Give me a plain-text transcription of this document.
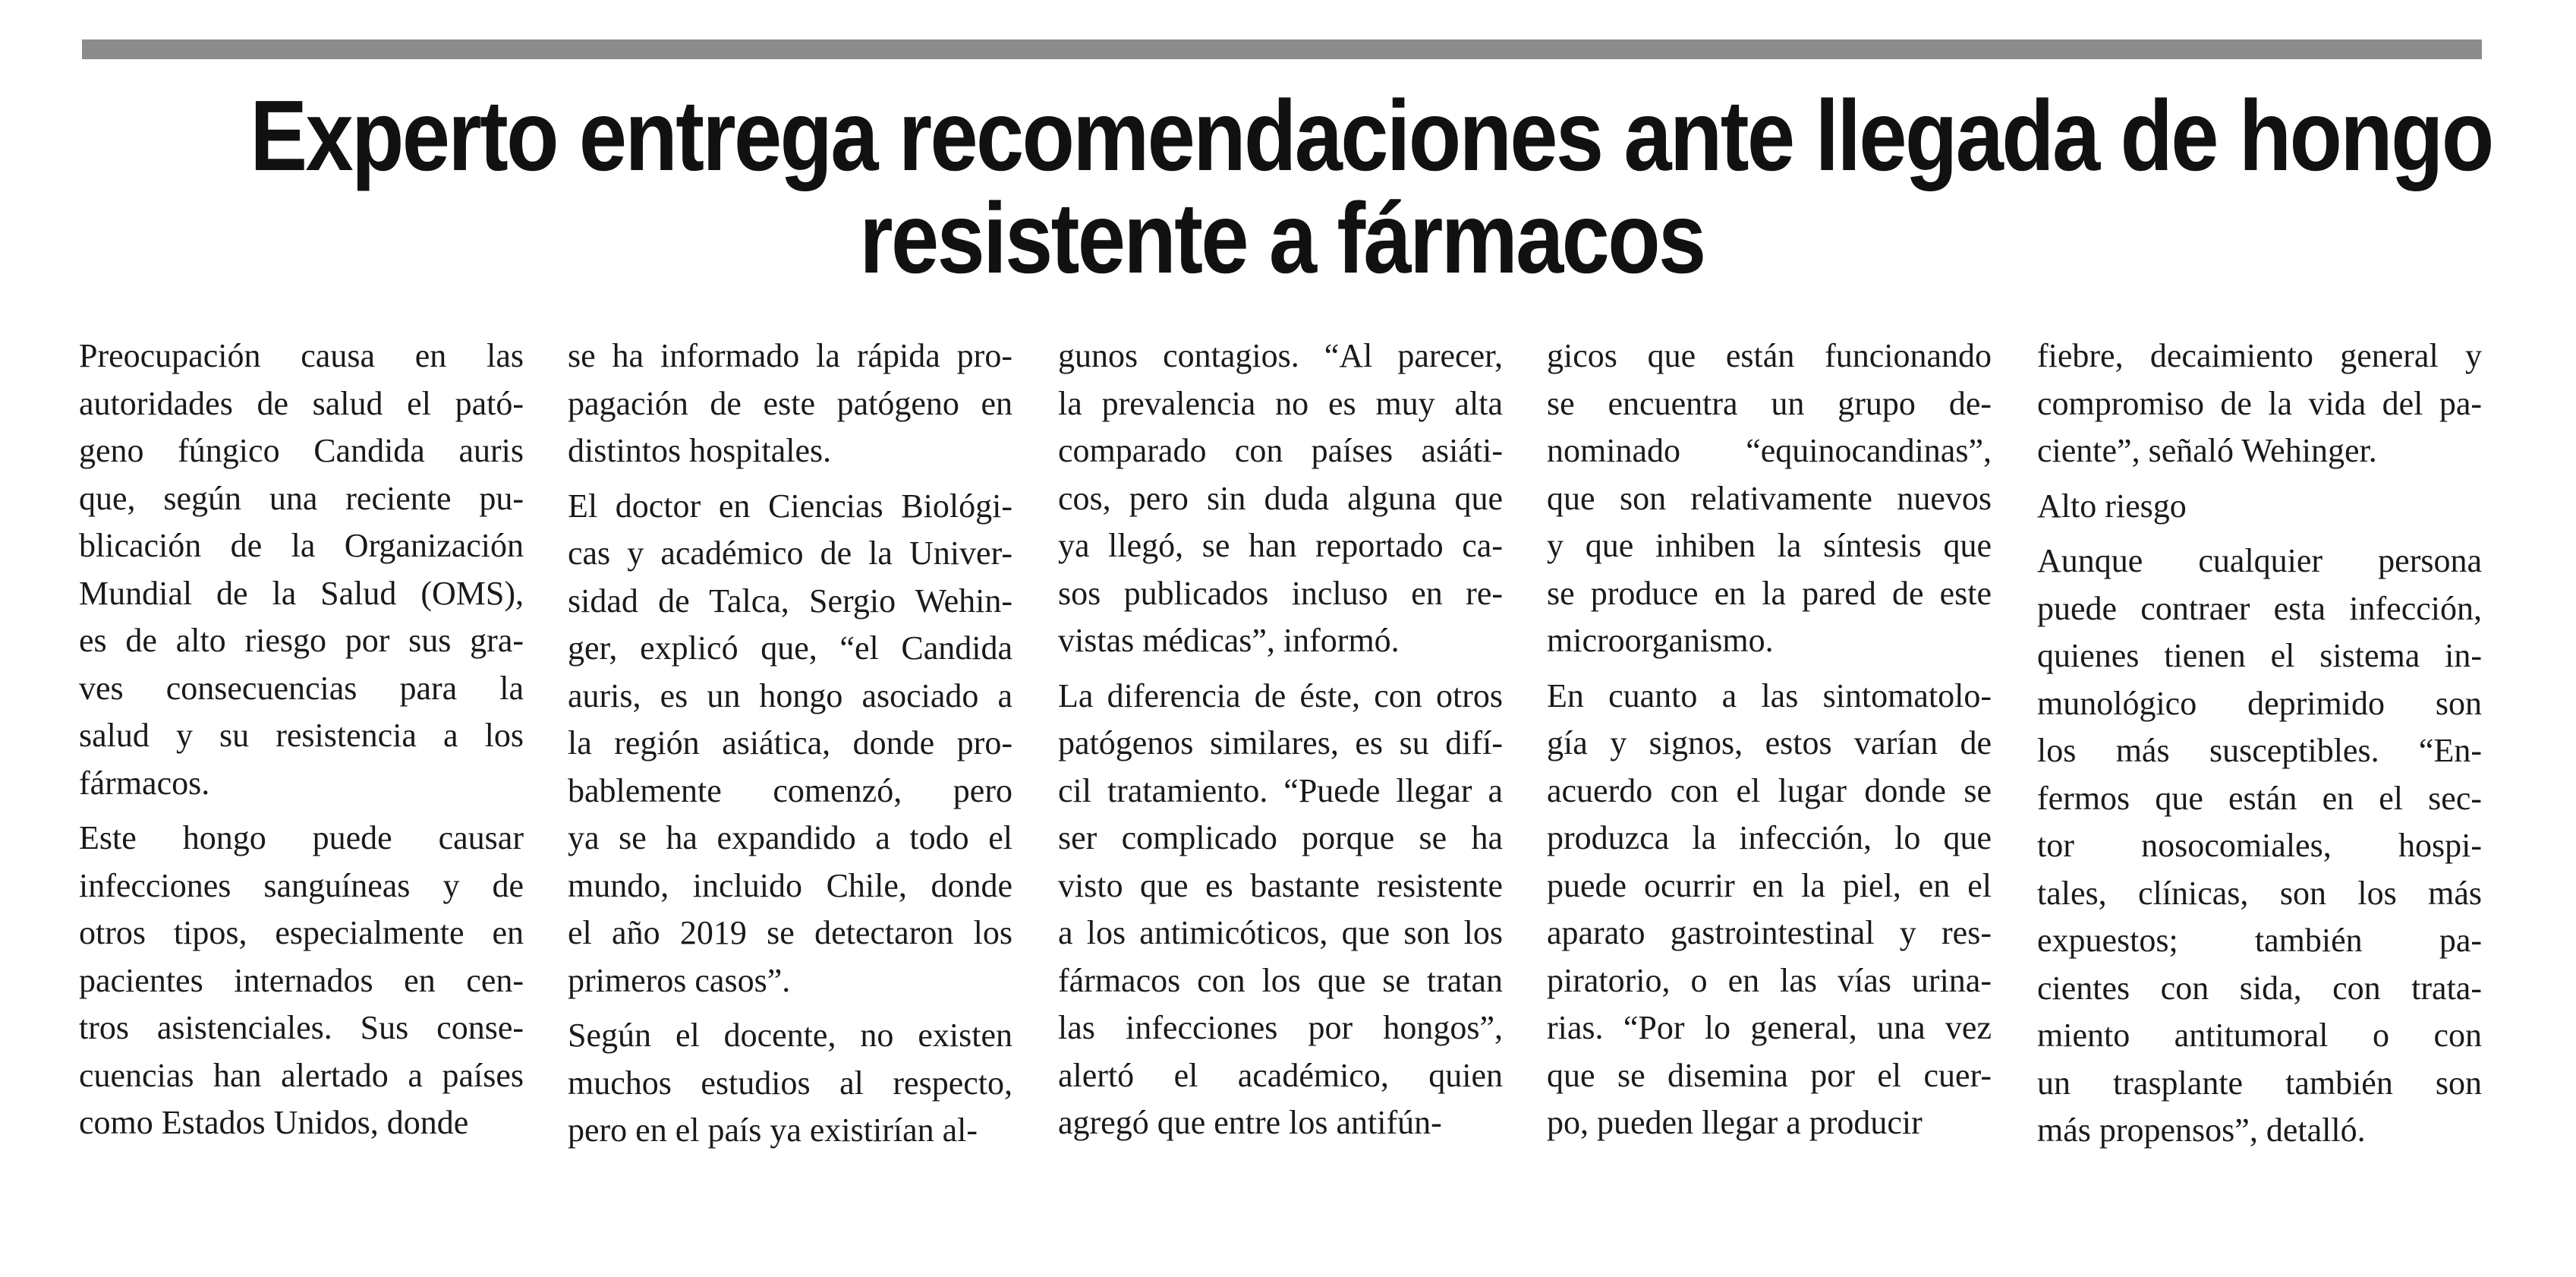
Experto entrega recomendaciones ante llegada de hongo
resistente a fármacos

Preocupación causa en las
autoridades de salud el pató-
geno fúngico Candida auris
que, según una reciente pu-
blicación de la Organización
Mundial de la Salud (OMS),
es de alto riesgo por sus gra-
ves consecuencias para la
salud y su resistencia a los
fármacos.

Este hongo puede causar
infecciones sanguíneas y de
otros tipos, especialmente en
pacientes internados en cen-
tros asistenciales. Sus conse-
cuencias han alertado a países
como Estados Unidos, donde

se ha informado la rápida pro-
pagación de este patógeno en
distintos hospitales.

El doctor en Ciencias Biológi-
cas y académico de la Univer-
sidad de Talca, Sergio Wehin-
ger, explicó que, “el Candida
auris, es un hongo asociado a
la región asiática, donde pro-
bablemente comenzó, pero
ya se ha expandido a todo el
mundo, incluido Chile, donde
el año 2019 se detectaron los
primeros casos”.

Según el docente, no existen
muchos estudios al respecto,
pero en el país ya existirían al-

gunos contagios. “Al parecer,
la prevalencia no es muy alta
comparado con países asiáti-
cos, pero sin duda alguna que
ya llegó, se han reportado ca-
sos publicados incluso en re-
vistas médicas”, informó.

La diferencia de éste, con otros
patógenos similares, es su difí-
cil tratamiento. “Puede llegar a
ser complicado porque se ha
visto que es bastante resistente
a los antimicóticos, que son los
fármacos con los que se tratan
las infecciones por hongos”,
alertó el académico, quien
agregó que entre los antifún-

gicos que están funcionando
se encuentra un grupo de-
nominado “equinocandinas”,
que son relativamente nuevos
y que inhiben la síntesis que
se produce en la pared de este
microorganismo.

En cuanto a las sintomatolo-
gía y signos, estos varían de
acuerdo con el lugar donde se
produzca la infección, lo que
puede ocurrir en la piel, en el
aparato gastrointestinal y res-
piratorio, o en las vías urina-
rias. “Por lo general, una vez
que se disemina por el cuer-
po, pueden llegar a producir

fiebre, decaimiento general y
compromiso de la vida del pa-
ciente”, señaló Wehinger.

Alto riesgo

Aunque cualquier persona
puede contraer esta infección,
quienes tienen el sistema in-
munológico deprimido son
los más susceptibles. “En-
fermos que están en el sec-
tor nosocomiales, hospi-
tales, clínicas, son los más
expuestos; también pa-
cientes con sida, con trata-
miento antitumoral o con
un trasplante también son
más propensos”, detalló.
